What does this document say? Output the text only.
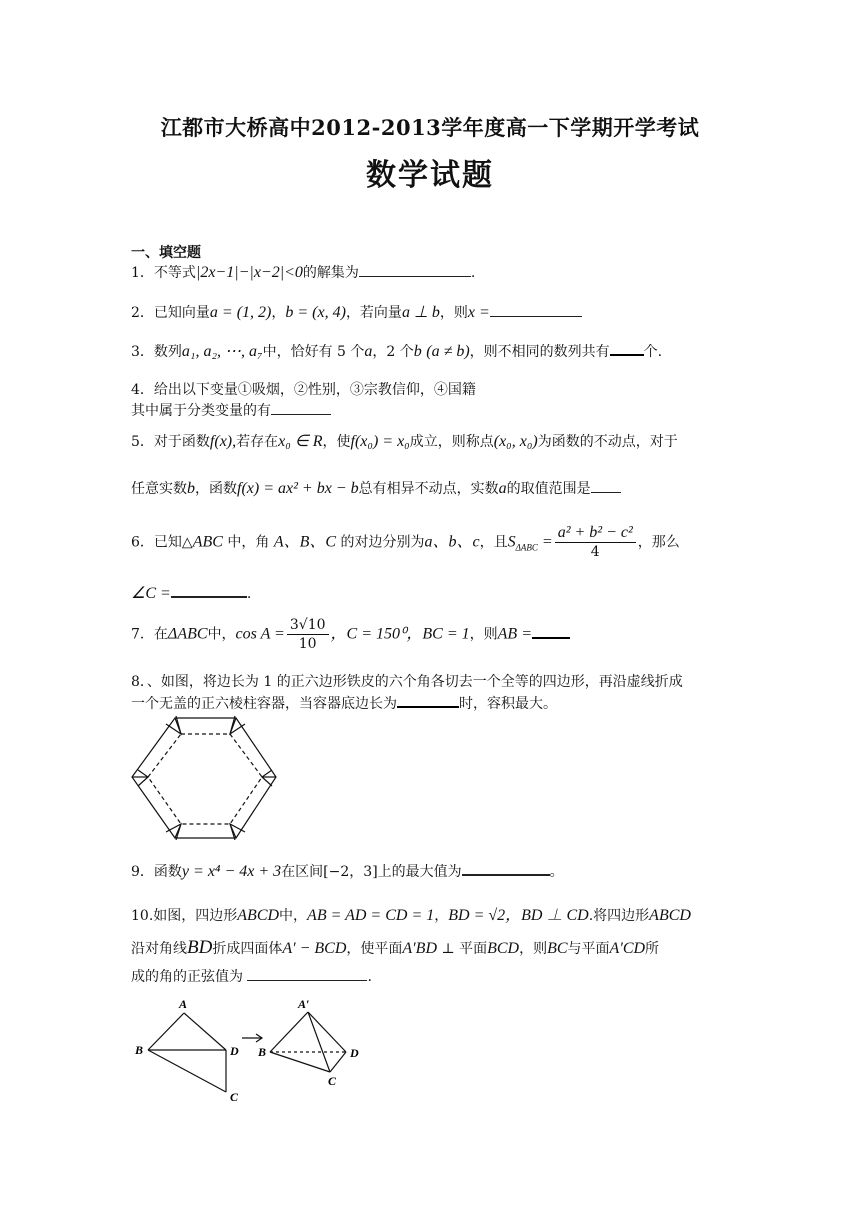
江都市大桥高中2012-2013学年度高一下学期开学考试
数学试题
一、填空题
1．不等式|2x−1|−|x−2|<0的解集为	.
2．已知向量a = (1, 2)，b = (x, 4)，若向量a ⊥ b，则x =
3．数列a₁, a₂, ⋯, a₇中，恰好有 5 个a，2 个b (a ≠ b)，则不相同的数列共有 个.
4．给出以下变量①吸烟，②性别，③宗教信仰，④国籍
其中属于分类变量的有
5．对于函数f(x),若存在x₀ ∈ R，使f(x₀) = x₀成立，则称点(x₀, x₀)为函数的不动点，对于
任意实数b，函数f(x) = ax² + bx − b总有相异不动点，实数a的取值范围是
6．已知△ABC 中，角 A、B、C 的对边分别为a、b、c，且$S_{\Delta ABC} = \frac{\text{a² + b² − c²}}{4}$ ，那么
∠C =	.
7．在ΔABC中，$\cos A = \frac{3√10}{10}$ ，C = 150⁰，BC = 1，则AB =
8．、如图，将边长为 1 的正六边形铁皮的六个角各切去一个全等的四边形，再沿虚线折成
一个无盖的正六棱柱容器，当容器底边长为	时，容积最大。
9．函数y = x⁴ − 4x + 3在区间[−2，3]上的最大值为	。
10.如图，四边形ABCD中，AB = AD = CD = 1，BD = √2，BD ⊥ CD.将四边形ABCD
沿对角线BD折成四面体A′ − BCD，使平面A′BD ⊥ 平面BCD，则BC与平面A′CD所
成的角的正弦值为	.
A
B	D
C
A′
B	D
C
